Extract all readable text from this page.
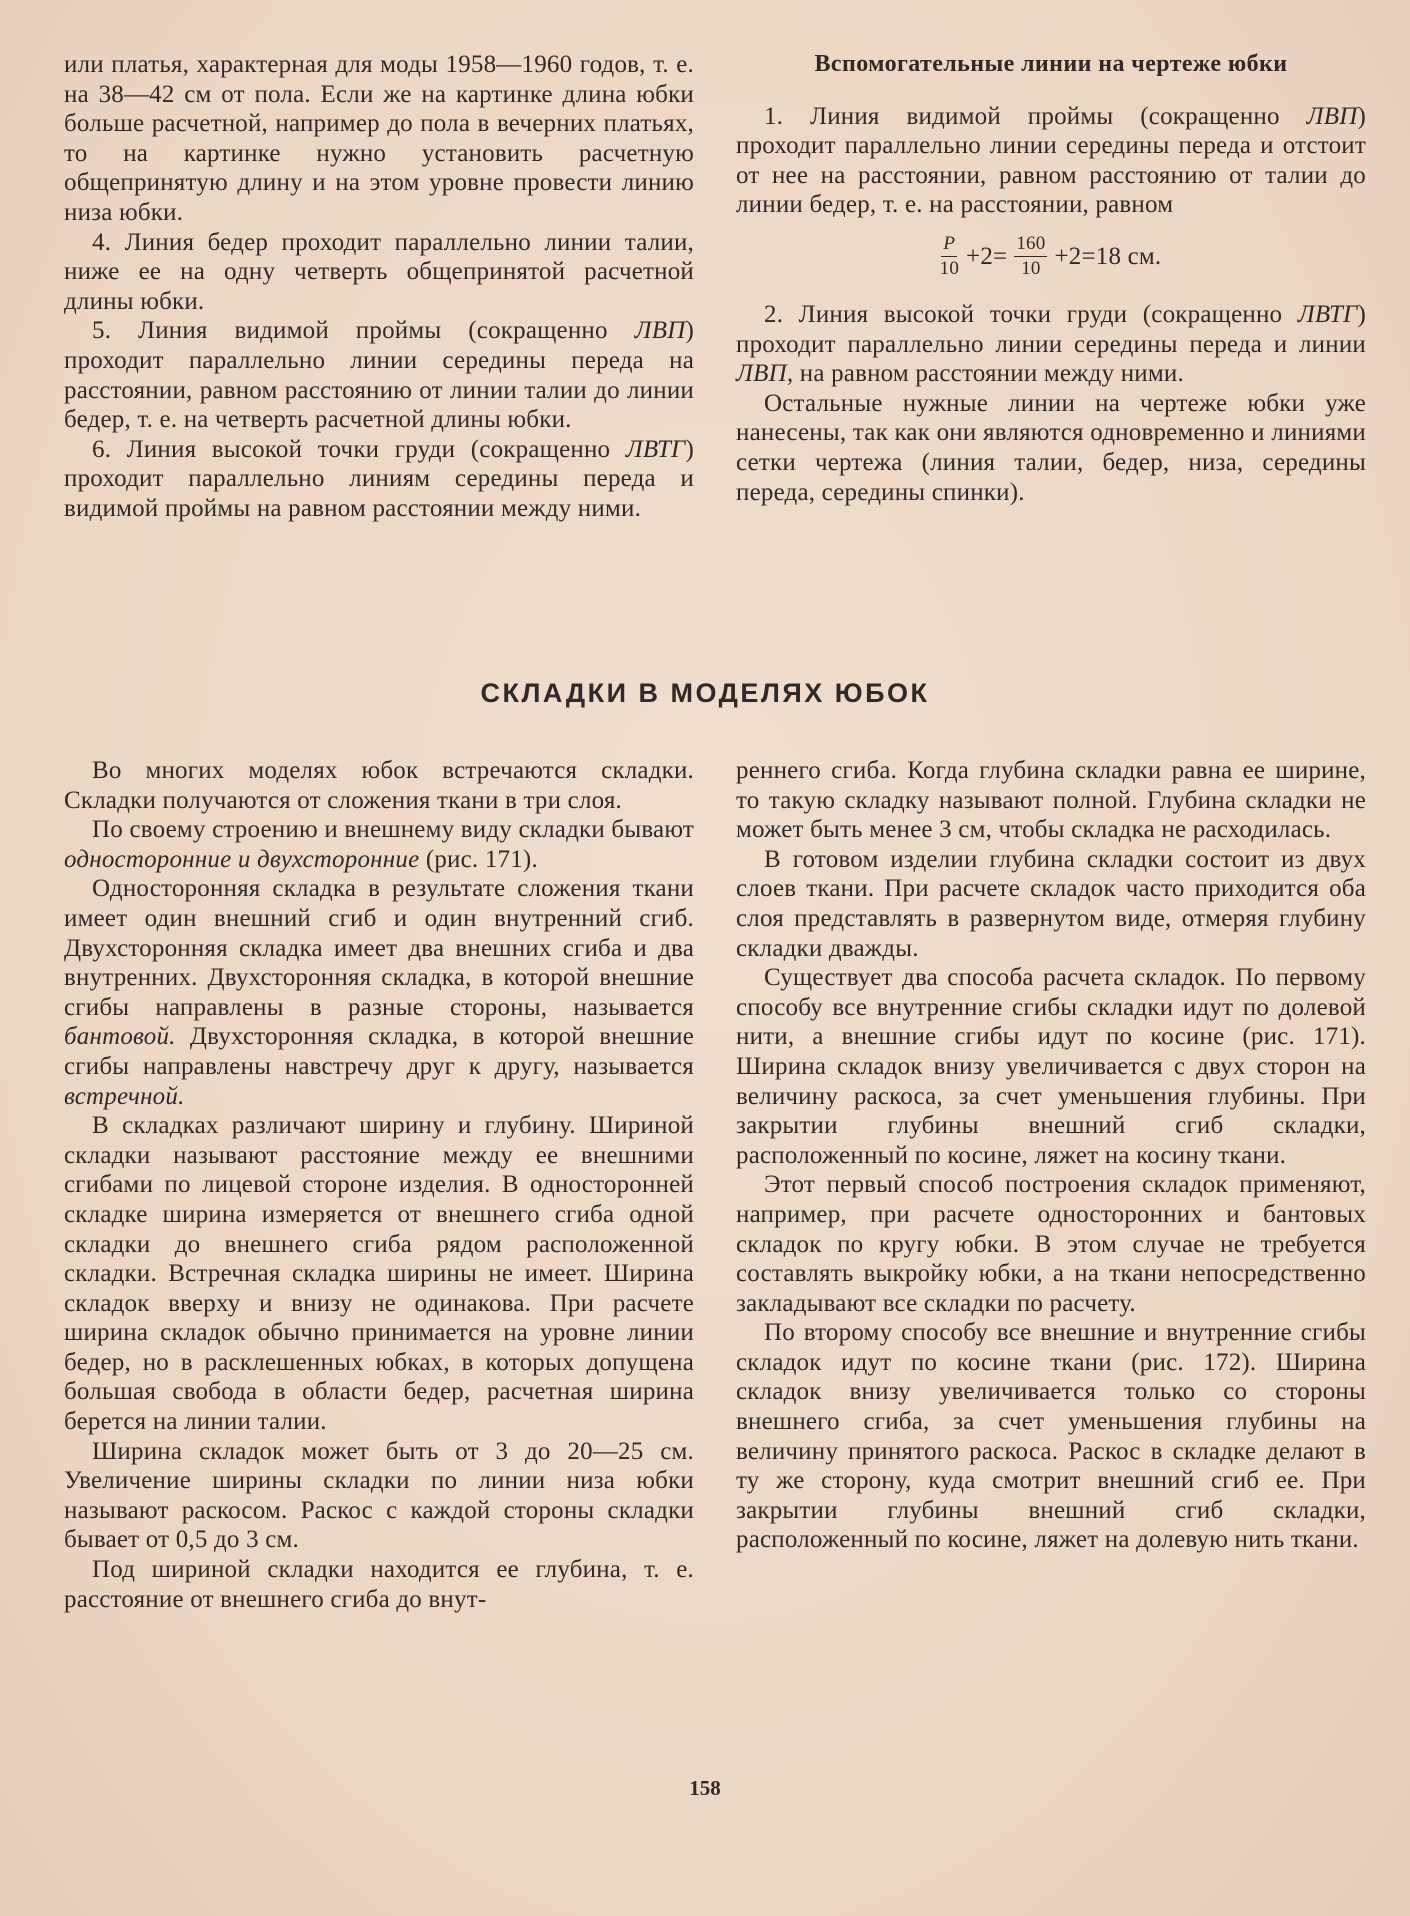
или платья, характерная для моды 1958—1960 годов, т. е. на 38—42 см от пола. Если же на картинке длина юбки больше расчетной, например до пола в вечерних платьях, то на картинке нужно установить расчетную общепринятую длину и на этом уровне провести линию низа юбки.

4. Линия бедер проходит параллельно линии талии, ниже ее на одну четверть общепринятой расчетной длины юбки.

5. Линия видимой проймы (сокращенно ЛВП) проходит параллельно линии середины переда на расстоянии, равном расстоянию от линии талии до линии бедер, т. е. на четверть расчетной длины юбки.

6. Линия высокой точки груди (сокращенно ЛВТГ) проходит параллельно линиям середины переда и видимой проймы на равном расстоянии между ними.

Вспомогательные линии на чертеже юбки

1. Линия видимой проймы (сокращенно ЛВП) проходит параллельно линии середины переда и отстоит от нее на расстоянии, равном расстоянию от талии до линии бедер, т. е. на расстоянии, равном

$\frac{P}{10} +2= \frac{160}{10} +2=18$ см.

2. Линия высокой точки груди (сокращенно ЛВТГ) проходит параллельно линии середины переда и линии ЛВП, на равном расстоянии между ними.

Остальные нужные линии на чертеже юбки уже нанесены, так как они являются одновременно и линиями сетки чертежа (линия талии, бедер, низа, середины переда, середины спинки).

СКЛАДКИ В МОДЕЛЯХ ЮБОК

Во многих моделях юбок встречаются складки. Складки получаются от сложения ткани в три слоя.

По своему строению и внешнему виду складки бывают односторонние и двухсторонние (рис. 171).

Односторонняя складка в результате сложения ткани имеет один внешний сгиб и один внутренний сгиб. Двухсторонняя складка имеет два внешних сгиба и два внутренних. Двухсторонняя складка, в которой внешние сгибы направлены в разные стороны, называется бантовой. Двухсторонняя складка, в которой внешние сгибы направлены навстречу друг к другу, называется встречной.

В складках различают ширину и глубину. Шириной складки называют расстояние между ее внешними сгибами по лицевой стороне изделия. В односторонней складке ширина измеряется от внешнего сгиба одной складки до внешнего сгиба рядом расположенной складки. Встречная складка ширины не имеет. Ширина складок вверху и внизу не одинакова. При расчете ширина складок обычно принимается на уровне линии бедер, но в расклешенных юбках, в которых допущена большая свобода в области бедер, расчетная ширина берется на линии талии.

Ширина складок может быть от 3 до 20—25 см. Увеличение ширины складки по линии низа юбки называют раскосом. Раскос с каждой стороны складки бывает от 0,5 до 3 см.

Под шириной складки находится ее глубина, т. е. расстояние от внешнего сгиба до внут-

реннего сгиба. Когда глубина складки равна ее ширине, то такую складку называют полной. Глубина складки не может быть менее 3 см, чтобы складка не расходилась.

В готовом изделии глубина складки состоит из двух слоев ткани. При расчете складок часто приходится оба слоя представлять в развернутом виде, отмеряя глубину складки дважды.

Существует два способа расчета складок. По первому способу все внутренние сгибы складки идут по долевой нити, а внешние сгибы идут по косине (рис. 171). Ширина складок внизу увеличивается с двух сторон на величину раскоса, за счет уменьшения глубины. При закрытии глубины внешний сгиб складки, расположенный по косине, ляжет на косину ткани.

Этот первый способ построения складок применяют, например, при расчете односторонних и бантовых складок по кругу юбки. В этом случае не требуется составлять выкройку юбки, а на ткани непосредственно закладывают все складки по расчету.

По второму способу все внешние и внутренние сгибы складок идут по косине ткани (рис. 172). Ширина складок внизу увеличивается только со стороны внешнего сгиба, за счет уменьшения глубины на величину принятого раскоса. Раскос в складке делают в ту же сторону, куда смотрит внешний сгиб ее. При закрытии глубины внешний сгиб складки, расположенный по косине, ляжет на долевую нить ткани.

158
